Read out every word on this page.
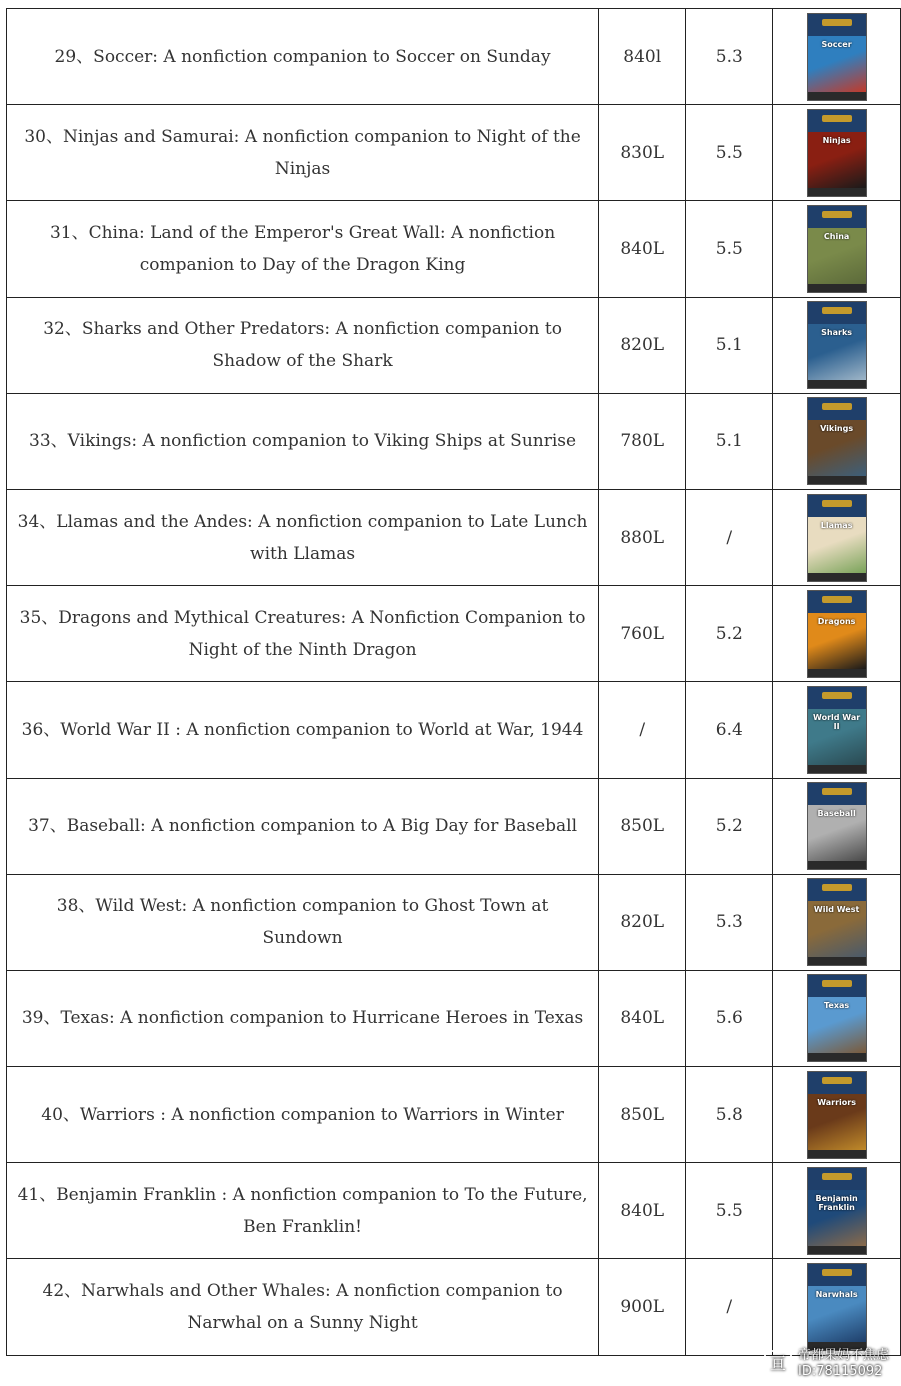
29、Soccer: A nonfiction companion to Soccer on Sunday	840l	5.3	Soccer

30、Ninjas and Samurai: A nonfiction companion to Night of the Ninjas	830L	5.5	Ninjas

31、China: Land of the Emperor's Great Wall: A nonfiction companion to Day of the Dragon King	840L	5.5	China

32、Sharks and Other Predators: A nonfiction companion to Shadow of the Shark	820L	5.1	Sharks

33、Vikings: A nonfiction companion to Viking Ships at Sunrise	780L	5.1	Vikings

34、Llamas and the Andes: A nonfiction companion to Late Lunch with Llamas	880L	/	Llamas

35、Dragons and Mythical Creatures: A Nonfiction Companion to Night of the Ninth Dragon	760L	5.2	Dragons

36、World War II : A nonfiction companion to World at War, 1944	/	6.4	World War II

37、Baseball: A nonfiction companion to A Big Day for Baseball	850L	5.2	Baseball

38、Wild West: A nonfiction companion to Ghost Town at Sundown	820L	5.3	Wild West

39、Texas: A nonfiction companion to Hurricane Heroes in Texas	840L	5.6	Texas

40、Warriors : A nonfiction companion to Warriors in Winter	850L	5.8	Warriors

41、Benjamin Franklin : A nonfiction companion to To the Future, Ben Franklin!	840L	5.5	Benjamin Franklin

42、Narwhals and Other Whales: A nonfiction companion to Narwhal on a Sunny Night	900L	/	Narwhals
亘 帝都果妈不焦虑
ID:78115092
